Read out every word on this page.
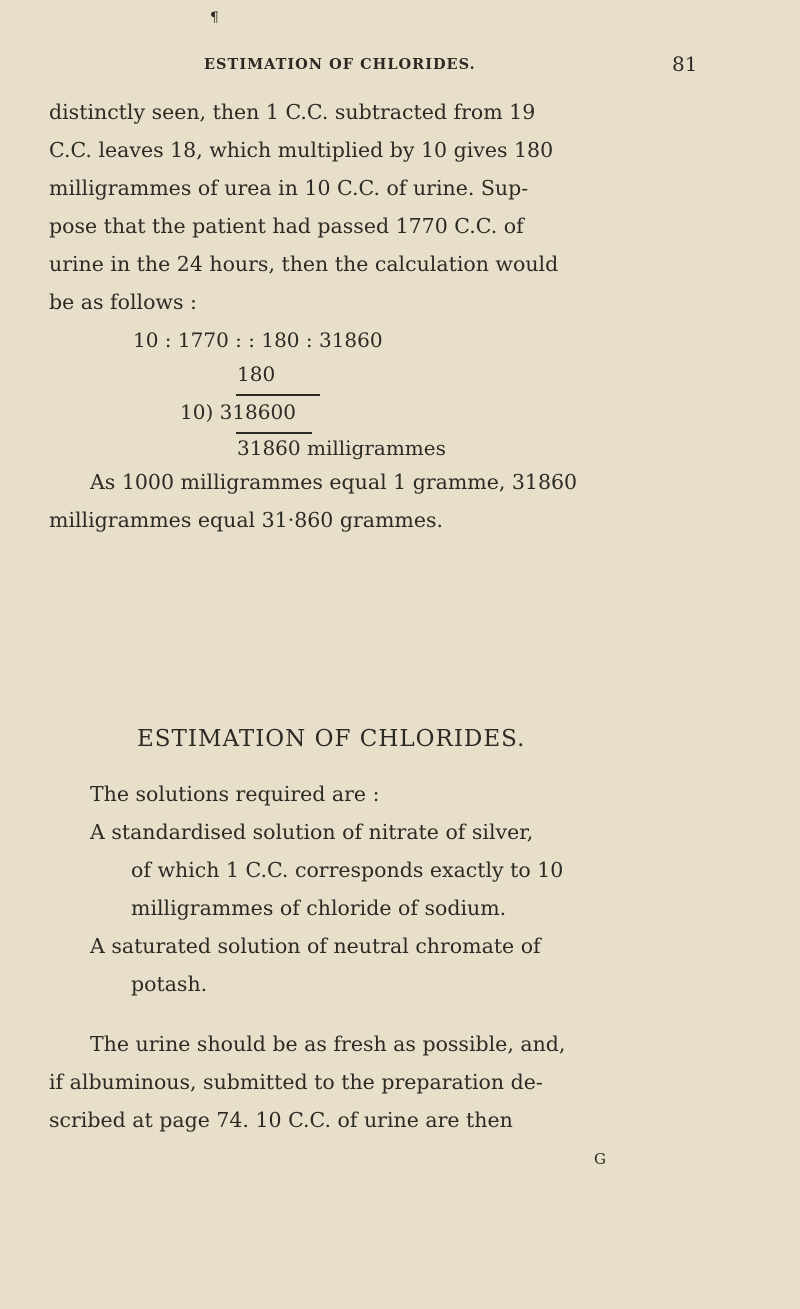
¶
ESTIMATION OF CHLORIDES.	81
distinctly seen, then 1 C.C. subtracted from 19
C.C. leaves 18, which multiplied by 10 gives 180
milligrammes of urea in 10 C.C. of urine. Sup-
pose that the patient had passed 1770 C.C. of
urine in the 24 hours, then the calculation would
be as follows :
10 : 1770 : : 180 : 31860
180
10) 318600
31860 milligrammes
As 1000 milligrammes equal 1 gramme, 31860
milligrammes equal 31·860 grammes.
ESTIMATION OF CHLORIDES.
The solutions required are :
A standardised solution of nitrate of silver,
of which 1 C.C. corresponds exactly to 10
milligrammes of chloride of sodium.
A saturated solution of neutral chromate of
potash.
The urine should be as fresh as possible, and,
if albuminous, submitted to the preparation de-
scribed at page 74. 10 C.C. of urine are then
G
